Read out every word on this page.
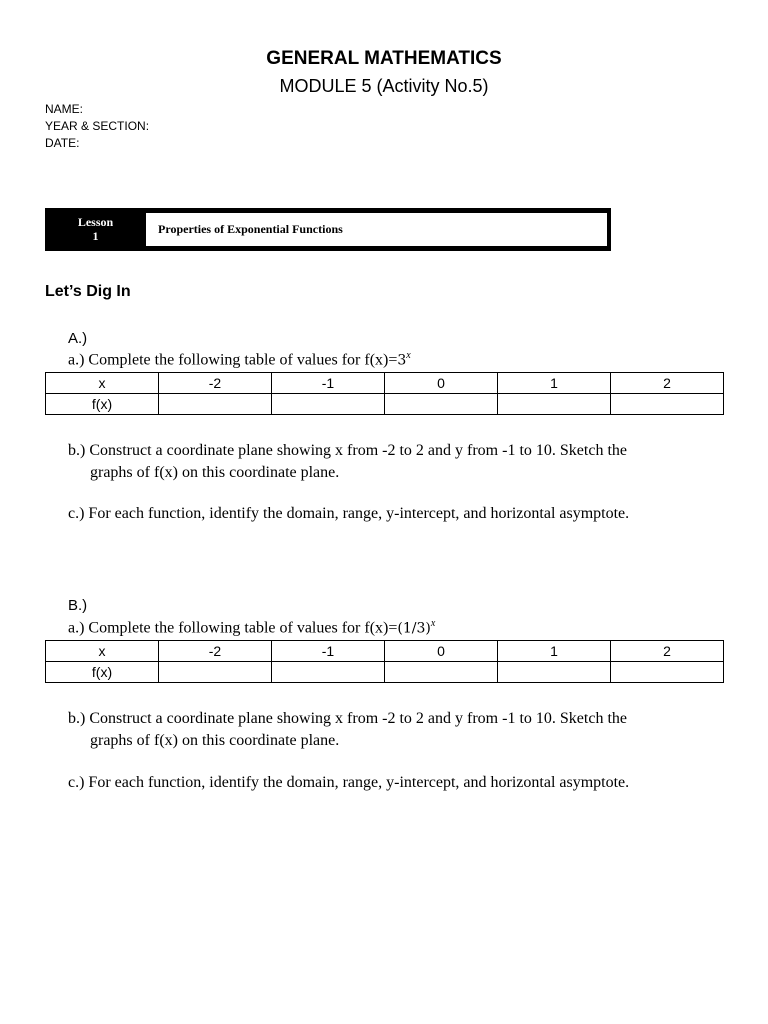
GENERAL MATHEMATICS
MODULE 5 (Activity No.5)
NAME:
YEAR & SECTION:
DATE:
Lesson
1	Properties of Exponential Functions
Let’s Dig In
A.)
a.) Complete the following table of values for $f(x)=3^x$
x	-2	-1	0	1	2
f(x)					
b.) Construct a coordinate plane showing x from -2 to 2 and y from -1 to 10. Sketch the
graphs of f(x) on this coordinate plane.
c.) For each function, identify the domain, range, y-intercept, and horizontal asymptote.
B.)
a.) Complete the following table of values for $f(x)=(1/3)^x$
x	-2	-1	0	1	2
f(x)					
b.) Construct a coordinate plane showing x from -2 to 2 and y from -1 to 10. Sketch the
graphs of f(x) on this coordinate plane.
c.) For each function, identify the domain, range, y-intercept, and horizontal asymptote.
